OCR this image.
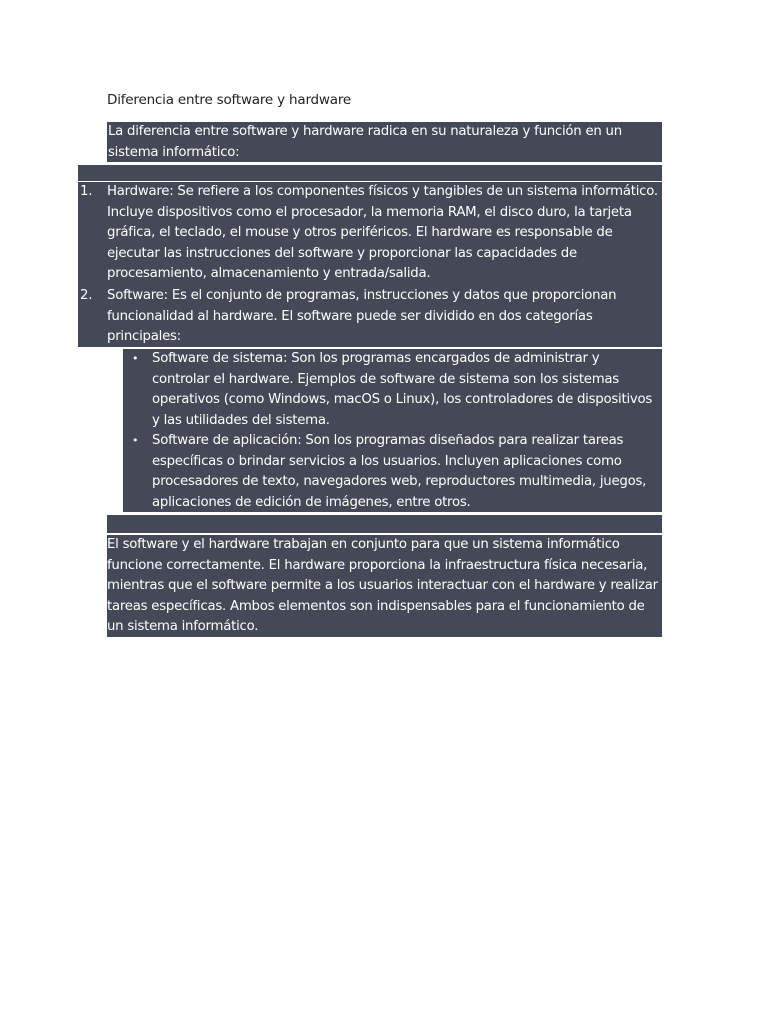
Diferencia entre software y hardware

La diferencia entre software y hardware radica en su naturaleza y función en un sistema informático:

1. Hardware: Se refiere a los componentes físicos y tangibles de un sistema informático. Incluye dispositivos como el procesador, la memoria RAM, el disco duro, la tarjeta gráfica, el teclado, el mouse y otros periféricos. El hardware es responsable de ejecutar las instrucciones del software y proporcionar las capacidades de procesamiento, almacenamiento y entrada/salida.

2. Software: Es el conjunto de programas, instrucciones y datos que proporcionan funcionalidad al hardware. El software puede ser dividido en dos categorías principales:

• Software de sistema: Son los programas encargados de administrar y controlar el hardware. Ejemplos de software de sistema son los sistemas operativos (como Windows, macOS o Linux), los controladores de dispositivos y las utilidades del sistema.

• Software de aplicación: Son los programas diseñados para realizar tareas específicas o brindar servicios a los usuarios. Incluyen aplicaciones como procesadores de texto, navegadores web, reproductores multimedia, juegos, aplicaciones de edición de imágenes, entre otros.

El software y el hardware trabajan en conjunto para que un sistema informático funcione correctamente. El hardware proporciona la infraestructura física necesaria, mientras que el software permite a los usuarios interactuar con el hardware y realizar tareas específicas. Ambos elementos son indispensables para el funcionamiento de un sistema informático.
